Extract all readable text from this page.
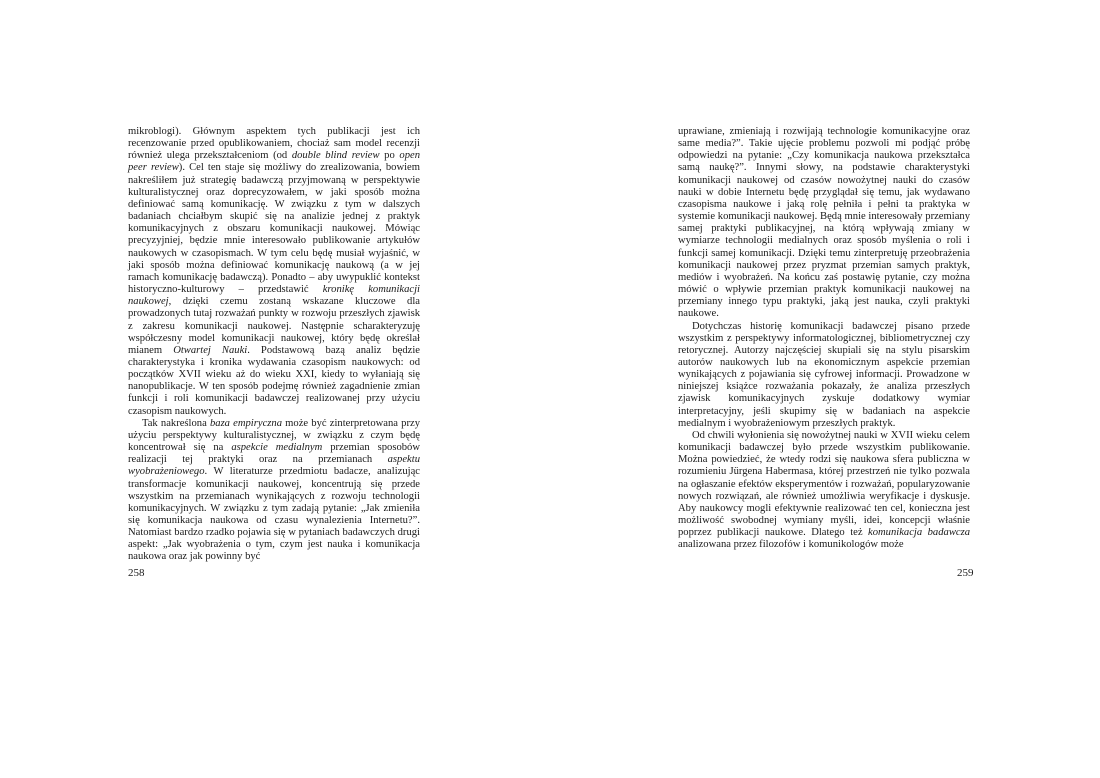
mikroblogi). Głównym aspektem tych publikacji jest ich recenzowanie przed opublikowaniem, chociaż sam model recenzji również ulega przekształceniom (od double blind review po open peer review). Cel ten staje się możliwy do zrealizowania, bowiem nakreśliłem już strategię badawczą przyjmowaną w perspektywie kulturalistycznej oraz doprecyzowałem, w jaki sposób można definiować samą komunikację. W związku z tym w dalszych badaniach chciałbym skupić się na analizie jednej z praktyk komunikacyjnych z obszaru komunikacji naukowej. Mówiąc precyzyjniej, będzie mnie interesowało publikowanie artykułów naukowych w czasopismach. W tym celu będę musiał wyjaśnić, w jaki sposób można definiować komunikację naukową (a w jej ramach komunikację badawczą). Ponadto – aby uwypuklić kontekst historyczno-kulturowy – przedstawić kronikę komunikacji naukowej, dzięki czemu zostaną wskazane kluczowe dla prowadzonych tutaj rozważań punkty w rozwoju przeszłych zjawisk z zakresu komunikacji naukowej. Następnie scharakteryzuję współczesny model komunikacji naukowej, który będę określał mianem Otwartej Nauki. Podstawową bazą analiz będzie charakterystyka i kronika wydawania czasopism naukowych: od początków XVII wieku aż do wieku XXI, kiedy to wyłaniają się nanopublikacje. W ten sposób podejmę również zagadnienie zmian funkcji i roli komunikacji badawczej realizowanej przy użyciu czasopism naukowych.

Tak nakreślona baza empiryczna może być zinterpretowana przy użyciu perspektywy kulturalistycznej, w związku z czym będę koncentrował się na aspekcie medialnym przemian sposobów realizacji tej praktyki oraz na przemianach aspektu wyobrażeniowego. W literaturze przedmiotu badacze, analizując transformacje komunikacji naukowej, koncentrują się przede wszystkim na przemianach wynikających z rozwoju technologii komunikacyjnych. W związku z tym zadają pytanie: „Jak zmieniła się komunikacja naukowa od czasu wynalezienia Internetu?”. Natomiast bardzo rzadko pojawia się w pytaniach badawczych drugi aspekt: „Jak wyobrażenia o tym, czym jest nauka i komunikacja naukowa oraz jak powinny być

258

uprawiane, zmieniają i rozwijają technologie komunikacyjne oraz same media?”. Takie ujęcie problemu pozwoli mi podjąć próbę odpowiedzi na pytanie: „Czy komunikacja naukowa przekształca samą naukę?”. Innymi słowy, na podstawie charakterystyki komunikacji naukowej od czasów nowożytnej nauki do czasów nauki w dobie Internetu będę przyglądał się temu, jak wydawano czasopisma naukowe i jaką rolę pełniła i pełni ta praktyka w systemie komunikacji naukowej. Będą mnie interesowały przemiany samej praktyki publikacyjnej, na którą wpływają zmiany w wymiarze technologii medialnych oraz sposób myślenia o roli i funkcji samej komunikacji. Dzięki temu zinterpretuję przeobrażenia komunikacji naukowej przez pryzmat przemian samych praktyk, mediów i wyobrażeń. Na końcu zaś postawię pytanie, czy można mówić o wpływie przemian praktyk komunikacji naukowej na przemiany innego typu praktyki, jaką jest nauka, czyli praktyki naukowe.

Dotychczas historię komunikacji badawczej pisano przede wszystkim z perspektywy informatologicznej, bibliometrycznej czy retorycznej. Autorzy najczęściej skupiali się na stylu pisarskim autorów naukowych lub na ekonomicznym aspekcie przemian wynikających z pojawiania się cyfrowej informacji. Prowadzone w niniejszej książce rozważania pokazały, że analiza przeszłych zjawisk komunikacyjnych zyskuje dodatkowy wymiar interpretacyjny, jeśli skupimy się w badaniach na aspekcie medialnym i wyobrażeniowym przeszłych praktyk.

Od chwili wyłonienia się nowożytnej nauki w XVII wieku celem komunikacji badawczej było przede wszystkim publikowanie. Można powiedzieć, że wtedy rodzi się naukowa sfera publiczna w rozumieniu Jürgena Habermasa, której przestrzeń nie tylko pozwala na ogłaszanie efektów eksperymentów i rozważań, popularyzowanie nowych rozwiązań, ale również umożliwia weryfikacje i dyskusje. Aby naukowcy mogli efektywnie realizować ten cel, konieczna jest możliwość swobodnej wymiany myśli, idei, koncepcji właśnie poprzez publikacji naukowe. Dlatego też komunikacja badawcza analizowana przez filozofów i komunikologów może

259
